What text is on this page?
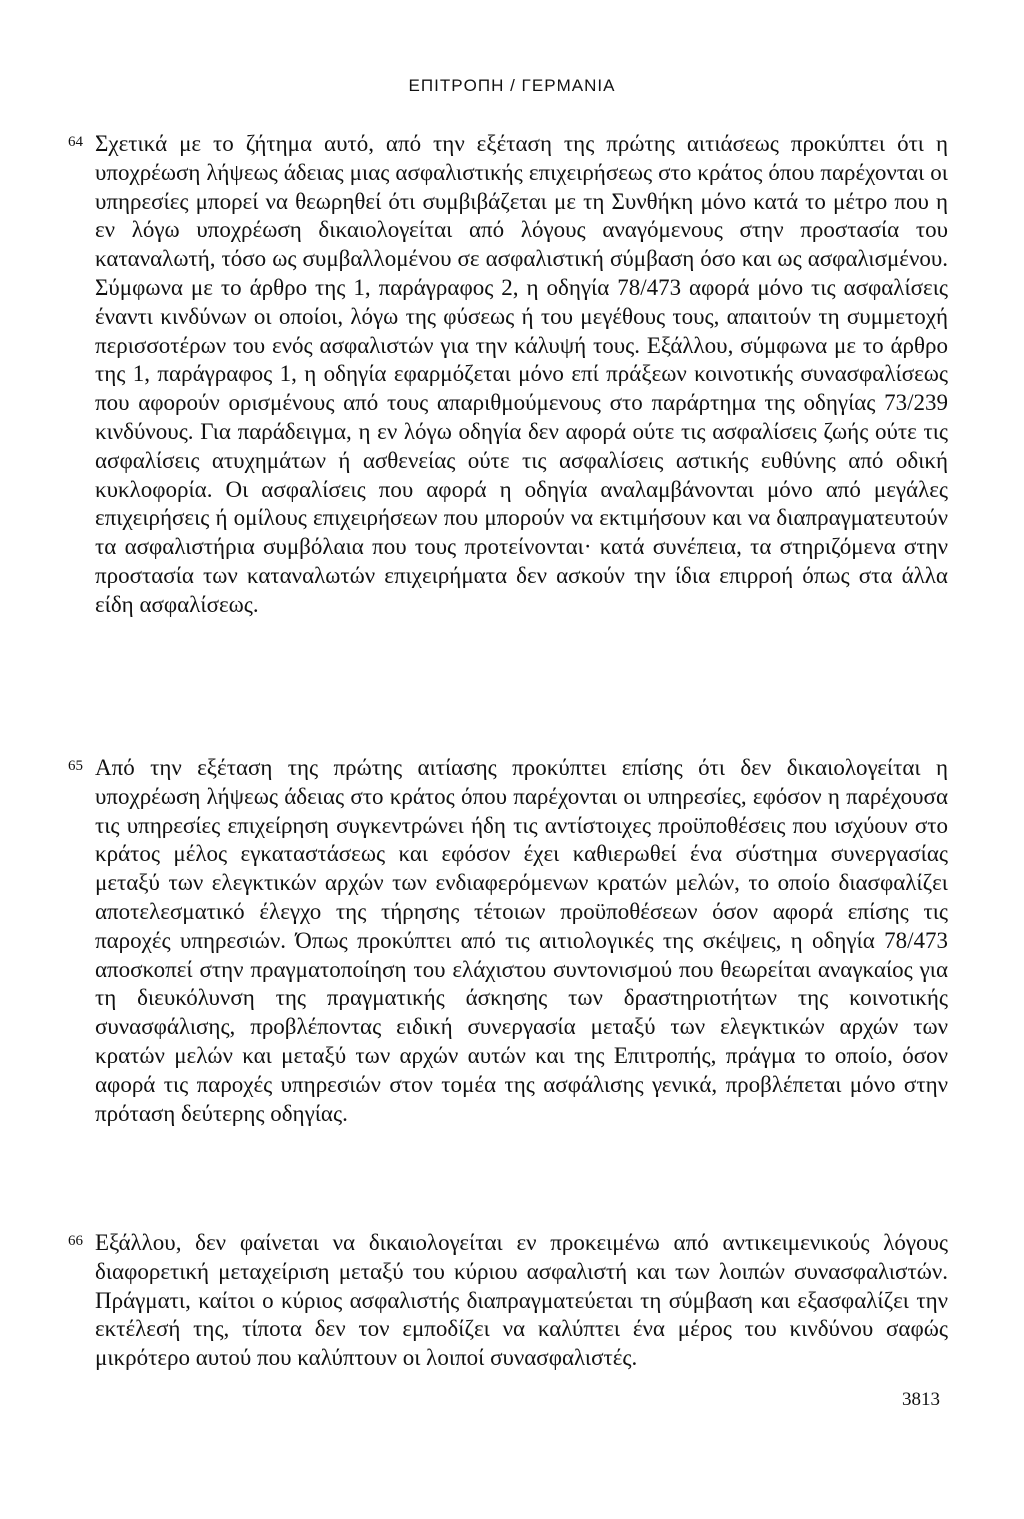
ΕΠΙΤΡΟΠΗ / ΓΕΡΜΑΝΙΑ
64 Σχετικά με το ζήτημα αυτό, από την εξέταση της πρώτης αιτιάσεως προκύπτει ότι η υποχρέωση λήψεως άδειας μιας ασφαλιστικής επιχειρήσεως στο κράτος όπου παρέχονται οι υπηρεσίες μπορεί να θεωρηθεί ότι συμβιβάζεται με τη Συνθήκη μόνο κατά το μέτρο που η εν λόγω υποχρέωση δικαιολογείται από λόγους αναγόμενους στην προστασία του καταναλωτή, τόσο ως συμβαλλομένου σε ασφαλιστική σύμβαση όσο και ως ασφαλισμένου. Σύμφωνα με το άρθρο της 1, παράγραφος 2, η οδηγία 78/473 αφορά μόνο τις ασφαλίσεις έναντι κινδύνων οι οποίοι, λόγω της φύσεως ή του μεγέθους τους, απαιτούν τη συμμετοχή περισσοτέρων του ενός ασφαλιστών για την κάλυψή τους. Εξάλλου, σύμφωνα με το άρθρο της 1, παράγραφος 1, η οδηγία εφαρμόζεται μόνο επί πράξεων κοινοτικής συνασφαλίσεως που αφορούν ορισμένους από τους απαριθμούμενους στο παράρτημα της οδηγίας 73/239 κινδύνους. Για παράδειγμα, η εν λόγω οδηγία δεν αφορά ούτε τις ασφαλίσεις ζωής ούτε τις ασφαλίσεις ατυχημάτων ή ασθενείας ούτε τις ασφαλίσεις αστικής ευθύνης από οδική κυκλοφορία. Οι ασφαλίσεις που αφορά η οδηγία αναλαμβάνονται μόνο από μεγάλες επιχειρήσεις ή ομίλους επιχειρήσεων που μπορούν να εκτιμήσουν και να διαπραγματευτούν τα ασφαλιστήρια συμβόλαια που τους προτείνονται· κατά συνέπεια, τα στηριζόμενα στην προστασία των καταναλωτών επιχειρήματα δεν ασκούν την ίδια επιρροή όπως στα άλλα είδη ασφαλίσεως.
65 Από την εξέταση της πρώτης αιτίασης προκύπτει επίσης ότι δεν δικαιολογείται η υποχρέωση λήψεως άδειας στο κράτος όπου παρέχονται οι υπηρεσίες, εφόσον η παρέχουσα τις υπηρεσίες επιχείρηση συγκεντρώνει ήδη τις αντίστοιχες προϋποθέσεις που ισχύουν στο κράτος μέλος εγκαταστάσεως και εφόσον έχει καθιερωθεί ένα σύστημα συνεργασίας μεταξύ των ελεγκτικών αρχών των ενδιαφερόμενων κρατών μελών, το οποίο διασφαλίζει αποτελεσματικό έλεγχο της τήρησης τέτοιων προϋποθέσεων όσον αφορά επίσης τις παροχές υπηρεσιών. Όπως προκύπτει από τις αιτιολογικές της σκέψεις, η οδηγία 78/473 αποσκοπεί στην πραγματοποίηση του ελάχιστου συντονισμού που θεωρείται αναγκαίος για τη διευκόλυνση της πραγματικής άσκησης των δραστηριοτήτων της κοινοτικής συνασφάλισης, προβλέποντας ειδική συνεργασία μεταξύ των ελεγκτικών αρχών των κρατών μελών και μεταξύ των αρχών αυτών και της Επιτροπής, πράγμα το οποίο, όσον αφορά τις παροχές υπηρεσιών στον τομέα της ασφάλισης γενικά, προβλέπεται μόνο στην πρόταση δεύτερης οδηγίας.
66 Εξάλλου, δεν φαίνεται να δικαιολογείται εν προκειμένω από αντικειμενικούς λόγους διαφορετική μεταχείριση μεταξύ του κύριου ασφαλιστή και των λοιπών συνασφαλιστών. Πράγματι, καίτοι ο κύριος ασφαλιστής διαπραγματεύεται τη σύμβαση και εξασφαλίζει την εκτέλεσή της, τίποτα δεν τον εμποδίζει να καλύπτει ένα μέρος του κινδύνου σαφώς μικρότερο αυτού που καλύπτουν οι λοιποί συνασφαλιστές.
3813
